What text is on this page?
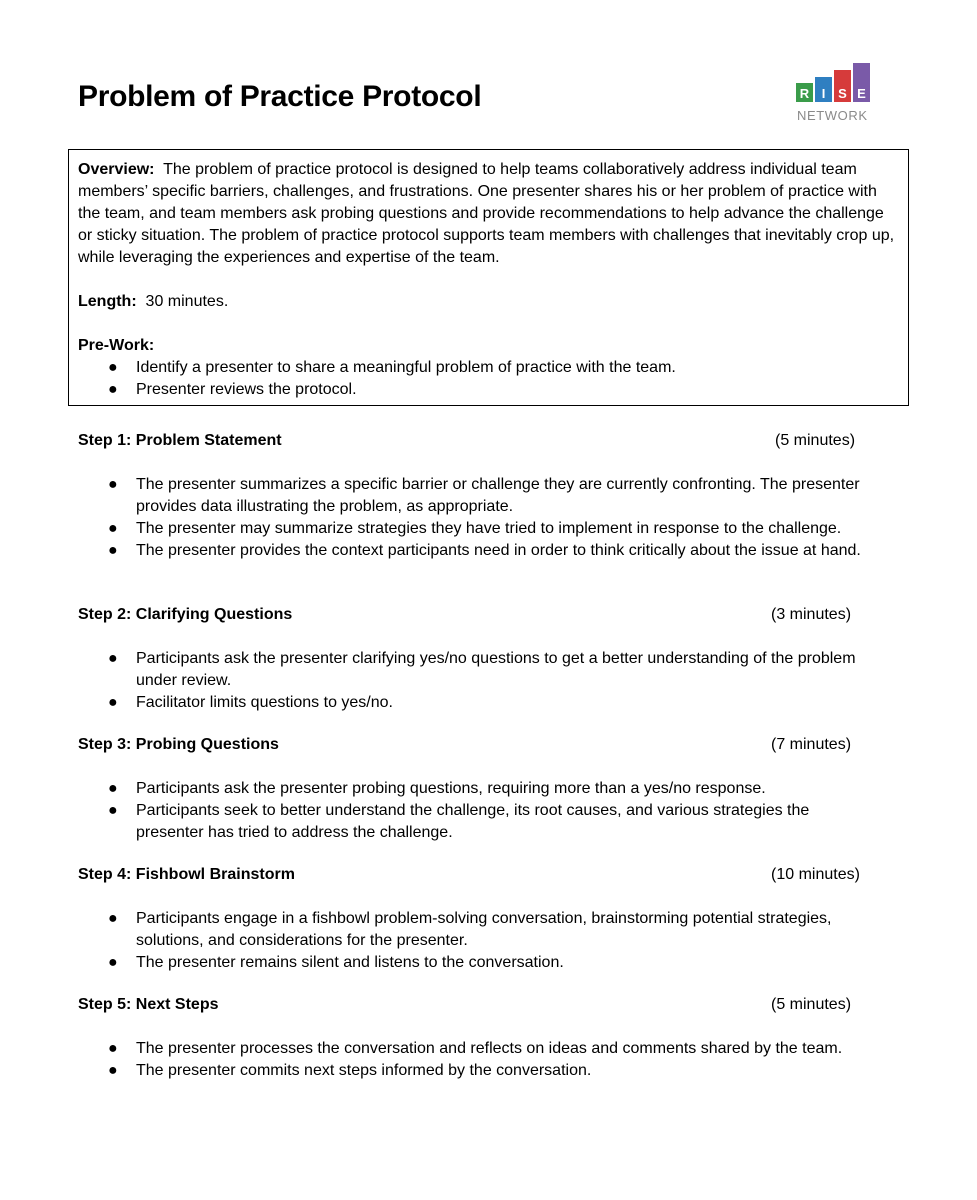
Problem of Practice Protocol	R I S E
NETWORK

Overview: The problem of practice protocol is designed to help teams collaboratively address individual team members’ specific barriers, challenges, and frustrations. One presenter shares his or her problem of practice with the team, and team members ask probing questions and provide recommendations to help advance the challenge or sticky situation. The problem of practice protocol supports team members with challenges that inevitably crop up, while leveraging the experiences and expertise of the team.

Length: 30 minutes.

Pre-Work:

● Identify a presenter to share a meaningful problem of practice with the team.
● Presenter reviews the protocol.
Step 1: Problem Statement	(5 minutes)
● The presenter summarizes a specific barrier or challenge they are currently confronting. The presenter provides data illustrating the problem, as appropriate.
● The presenter may summarize strategies they have tried to implement in response to the challenge.
● The presenter provides the context participants need in order to think critically about the issue at hand.
Step 2: Clarifying Questions	(3 minutes)
● Participants ask the presenter clarifying yes/no questions to get a better understanding of the problem under review.
● Facilitator limits questions to yes/no.
Step 3: Probing Questions	(7 minutes)
● Participants ask the presenter probing questions, requiring more than a yes/no response.
● Participants seek to better understand the challenge, its root causes, and various strategies the presenter has tried to address the challenge.
Step 4: Fishbowl Brainstorm	(10 minutes)
● Participants engage in a fishbowl problem-solving conversation, brainstorming potential strategies, solutions, and considerations for the presenter.
● The presenter remains silent and listens to the conversation.
Step 5: Next Steps	(5 minutes)
● The presenter processes the conversation and reflects on ideas and comments shared by the team.
● The presenter commits next steps informed by the conversation.
